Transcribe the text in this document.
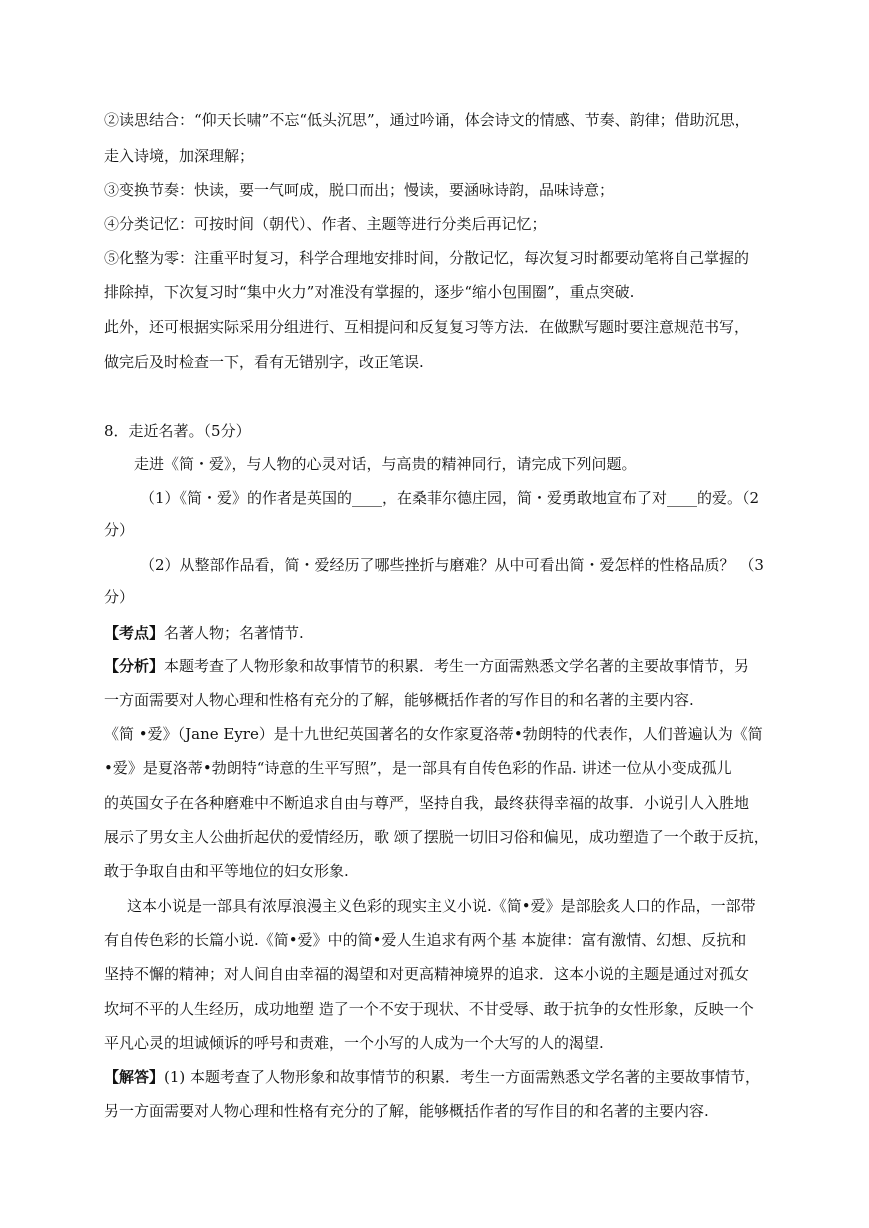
②读思结合：“仰天长啸”不忘“低头沉思”，通过吟诵，体会诗文的情感、节奏、韵律；借助沉思，
走入诗境，加深理解；
③变换节奏：快读，要一气呵成，脱口而出；慢读，要涵咏诗韵，品味诗意；
④分类记忆：可按时间（朝代）、作者、主题等进行分类后再记忆；
⑤化整为零：注重平时复习，科学合理地安排时间，分散记忆，每次复习时都要动笔将自己掌握的
排除掉，下次复习时“集中火力”对准没有掌握的，逐步“缩小包围圈”，重点突破.
此外，还可根据实际采用分组进行、互相提问和反复复习等方法．在做默写题时要注意规范书写，
做完后及时检查一下，看有无错别字，改正笔误.
8．走近名著。（5分）
走进《简・爱》，与人物的心灵对话，与高贵的精神同行，请完成下列问题。
（1）《简・爱》的作者是英国的____，在桑菲尔德庄园，简・爱勇敢地宣布了对____的爱。（2
分）
（2）从整部作品看，简・爱经历了哪些挫折与磨难？从中可看出简・爱怎样的性格品质？ （3
分）
【考点】名著人物；名著情节.
【分析】本题考查了人物形象和故事情节的积累．考生一方面需熟悉文学名著的主要故事情节，另
一方面需要对人物心理和性格有充分的了解，能够概括作者的写作目的和名著的主要内容.
《简 •爱》（Jane Eyre）是十九世纪英国著名的女作家夏洛蒂•勃朗特的代表作，人们普遍认为《简
•爱》是夏洛蒂•勃朗特“诗意的生平写照”，是一部具有自传色彩的作品. 讲述一位从小变成孤儿
的英国女子在各种磨难中不断追求自由与尊严，坚持自我，最终获得幸福的故事．小说引人入胜地
展示了男女主人公曲折起伏的爱情经历，歌 颂了摆脱一切旧习俗和偏见，成功塑造了一个敢于反抗，
敢于争取自由和平等地位的妇女形象.
这本小说是一部具有浓厚浪漫主义色彩的现实主义小说.《简•爱》是部脍炙人口的作品，一部带
有自传色彩的长篇小说.《简•爱》中的简•爱人生追求有两个基 本旋律：富有激情、幻想、反抗和
坚持不懈的精神；对人间自由幸福的渴望和对更高精神境界的追求．这本小说的主题是通过对孤女
坎坷不平的人生经历，成功地塑 造了一个不安于现状、不甘受辱、敢于抗争的女性形象，反映一个
平凡心灵的坦诚倾诉的呼号和责难，一个小写的人成为一个大写的人的渴望.
【解答】(1) 本题考查了人物形象和故事情节的积累．考生一方面需熟悉文学名著的主要故事情节，
另一方面需要对人物心理和性格有充分的了解，能够概括作者的写作目的和名著的主要内容.
